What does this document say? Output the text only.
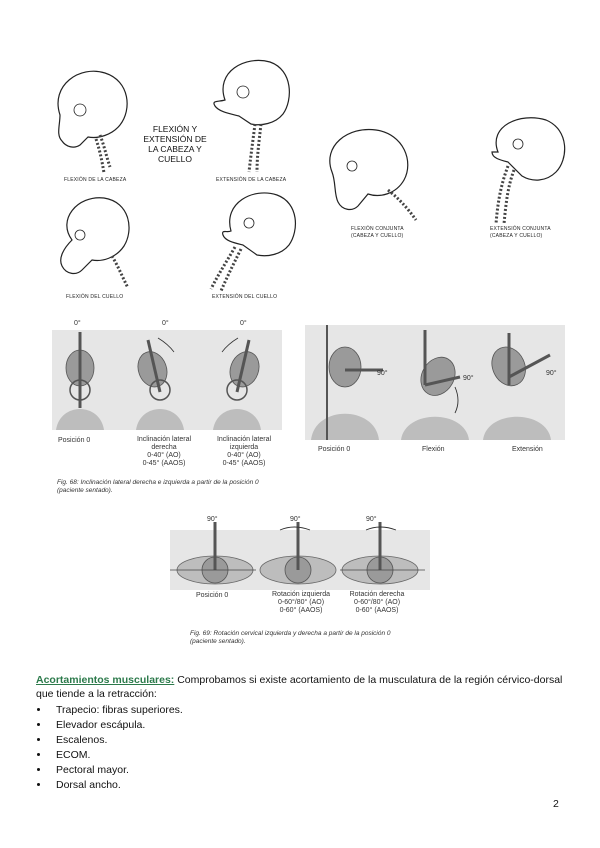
FLEXIÓN DE LA CABEZA	EXTENSIÓN DE LA CABEZA
FLEXIÓN Y EXTENSIÓN DE LA CABEZA Y CUELLO
FLEXIÓN DEL CUELLO	EXTENSIÓN DEL CUELLO
FLEXIÓN CONJUNTA
(CABEZA Y CUELLO)
EXTENSIÓN CONJUNTA
(CABEZA Y CUELLO)
0°	0°	0°
Posición 0	Inclinación lateral
derecha
0-40° (AO)
0-45° (AAOS)
Inclinación lateral
izquierda
0-40° (AO)
0-45° (AAOS)
90°
90°
90°
Posición 0	Flexión	Extensión
Fig. 68: Inclinación lateral derecha e izquierda a partir de la posición 0
(paciente sentado).
90°	90°	90°
Posición 0	Rotación izquierda
0-60°/80° (AO)
0-60° (AAOS)
Rotación derecha
0-60°/80° (AO)
0-60° (AAOS)
Fig. 69: Rotación cervical izquierda y derecha a partir de la posición 0
(paciente sentado).
Acortamientos musculares: Comprobamos si existe acortamiento de la musculatura de la región cérvico-dorsal que tiende a la retracción:
• Trapecio: fibras superiores.
• Elevador escápula.
• Escalenos.
• ECOM.
• Pectoral mayor.
• Dorsal ancho.
2
